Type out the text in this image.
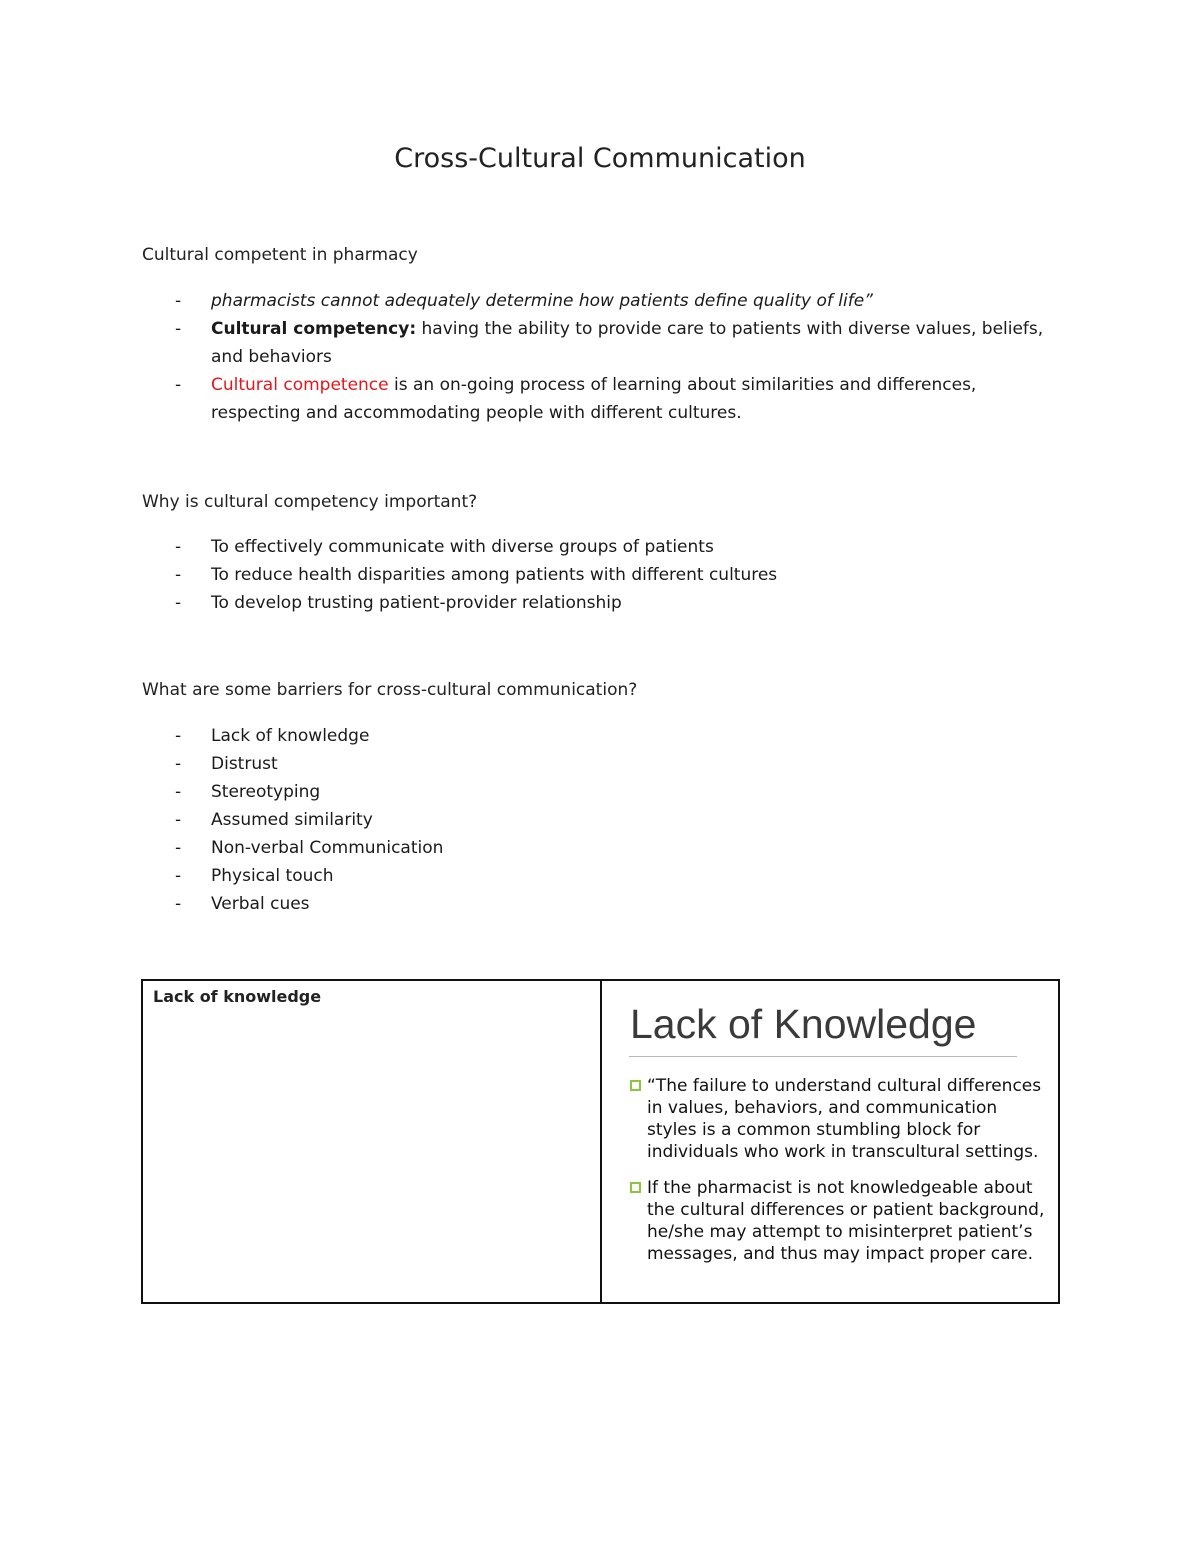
Cross-Cultural Communication
Cultural competent in pharmacy
- pharmacists cannot adequately determine how patients define quality of life”
- Cultural competency: having the ability to provide care to patients with diverse values, beliefs, and behaviors
- Cultural competence is an on-going process of learning about similarities and differences, respecting and accommodating people with different cultures.
Why is cultural competency important?
- To effectively communicate with diverse groups of patients
- To reduce health disparities among patients with different cultures
- To develop trusting patient-provider relationship
What are some barriers for cross-cultural communication?
- Lack of knowledge
- Distrust
- Stereotyping
- Assumed similarity
- Non-verbal Communication
- Physical touch
- Verbal cues
Lack of knowledge
Lack of Knowledge
“The failure to understand cultural differences in values, behaviors, and communication styles is a common stumbling block for individuals who work in transcultural settings.
If the pharmacist is not knowledgeable about the cultural differences or patient background, he/she may attempt to misinterpret patient’s messages, and thus may impact proper care.
